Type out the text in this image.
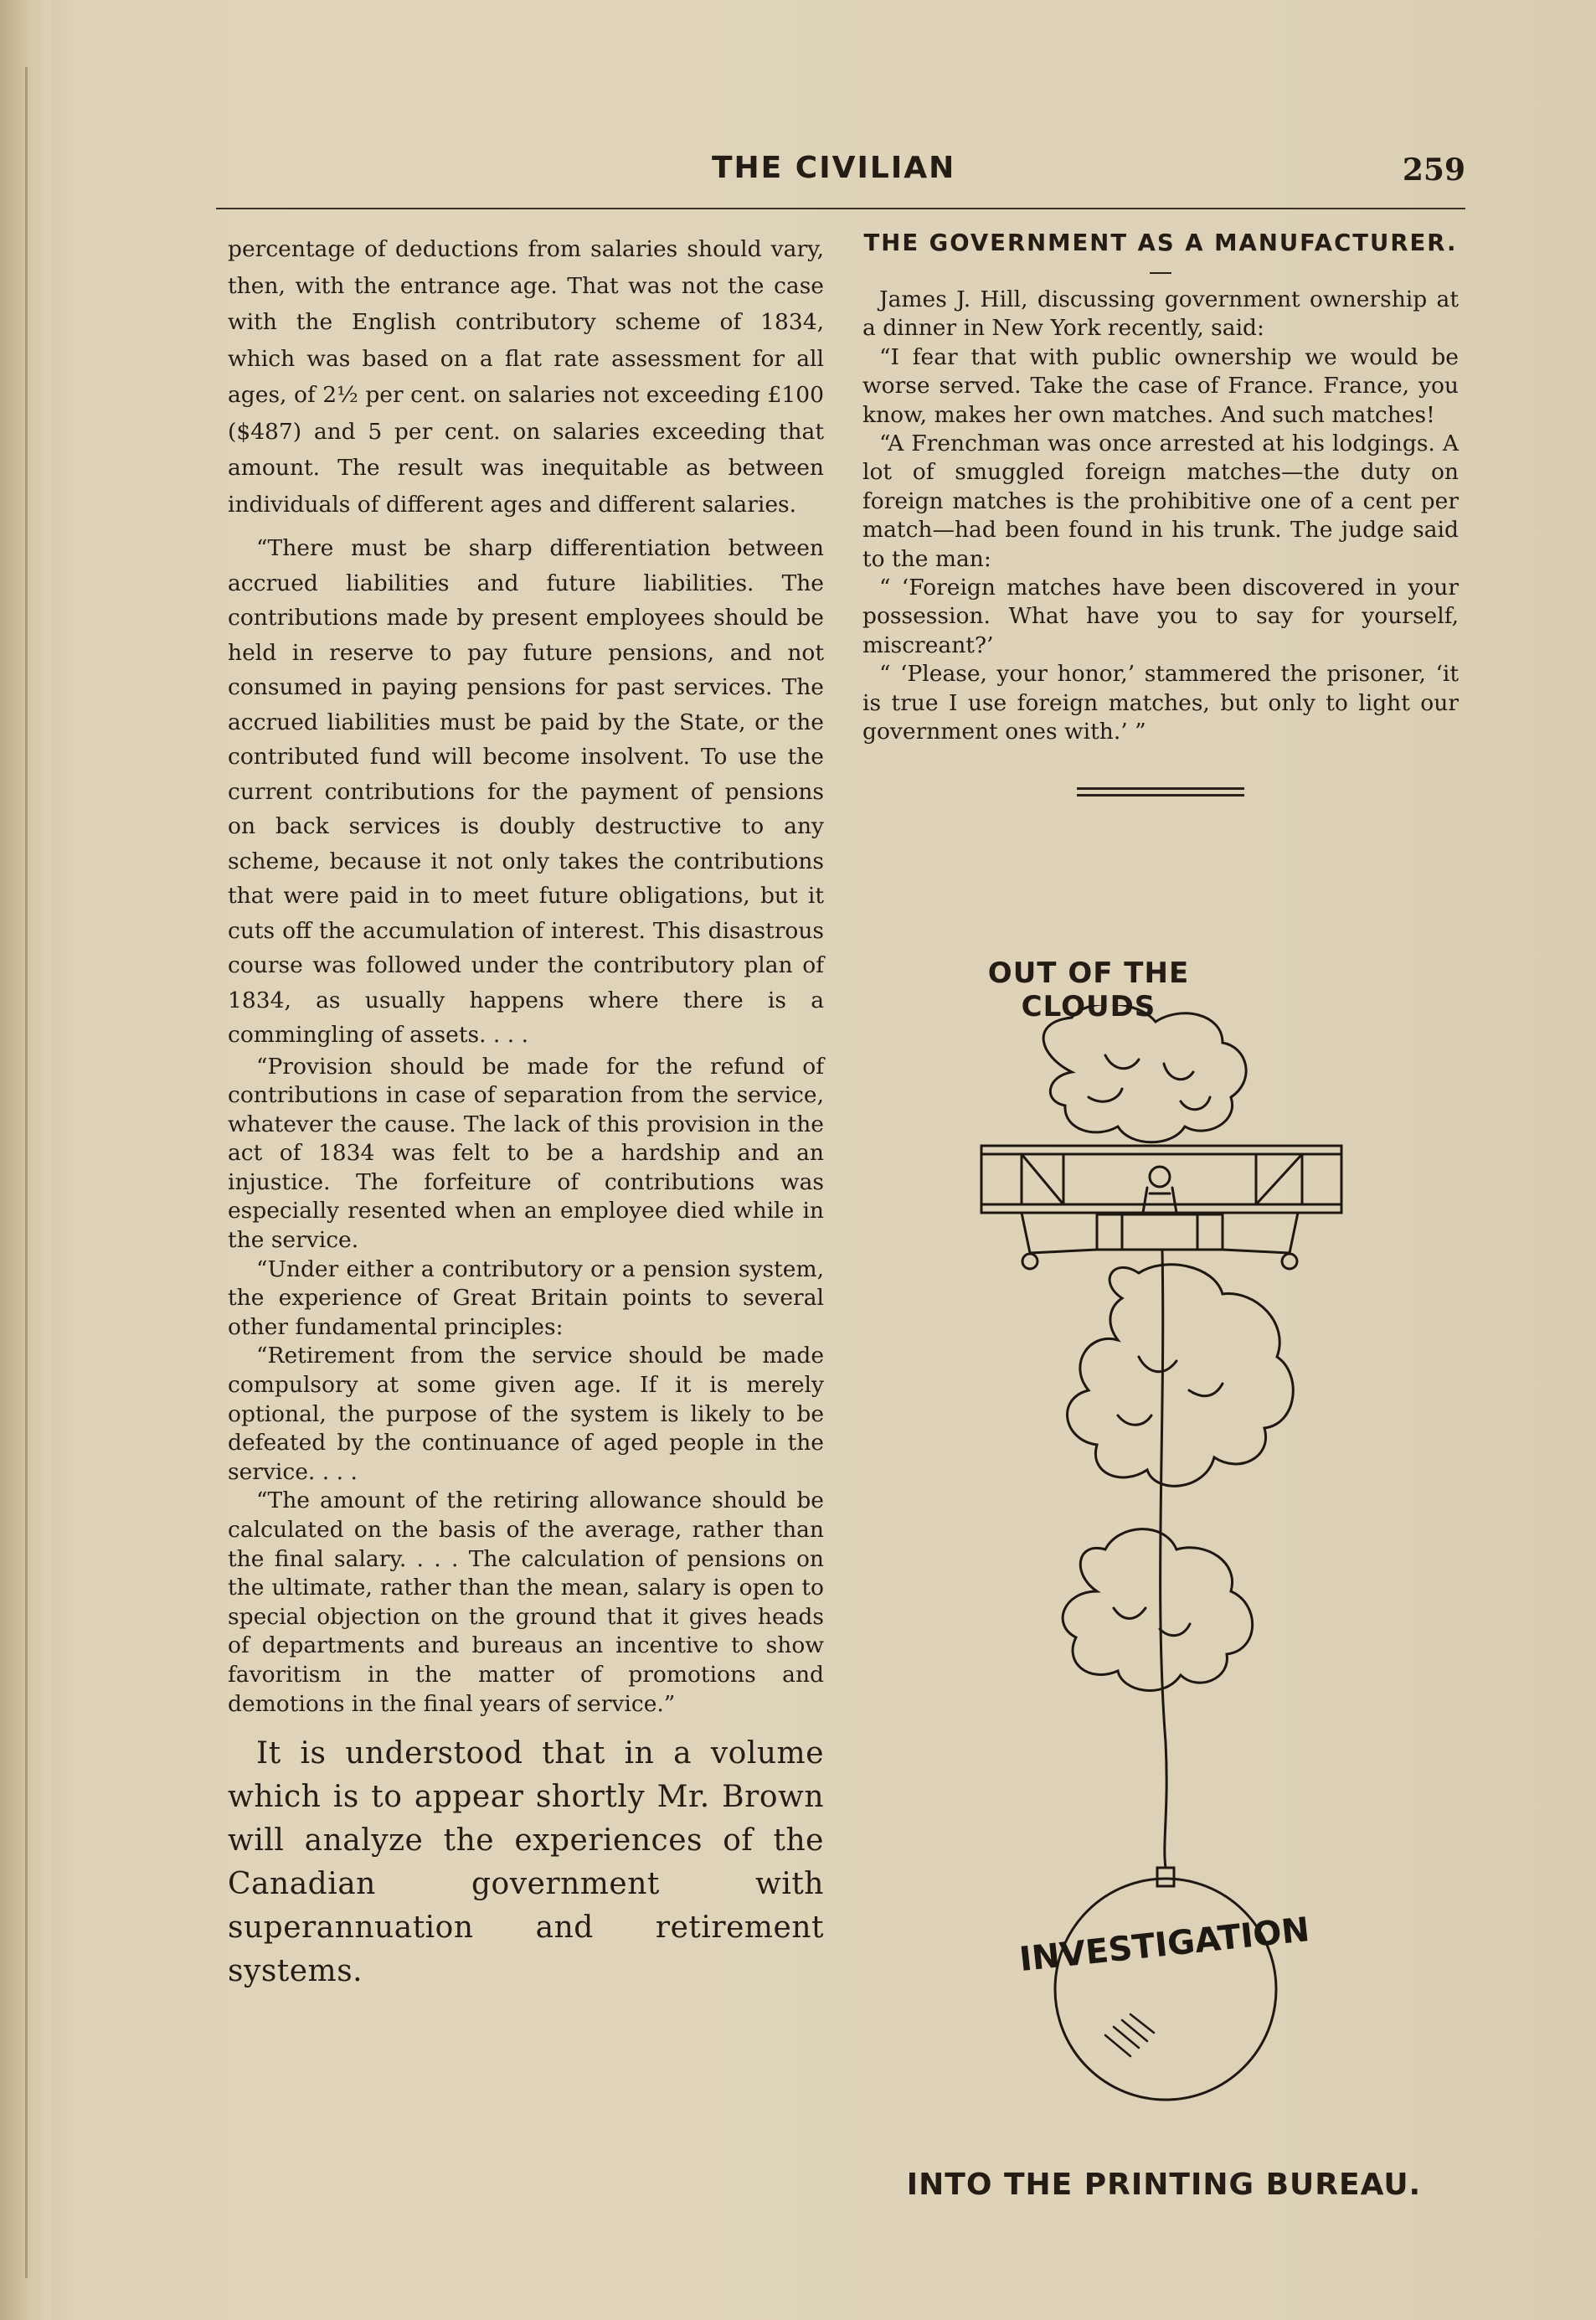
THE CIVILIAN	259

percentage of deductions from salaries should vary, then, with the entrance age. That was not the case with the English contributory scheme of 1834, which was based on a flat rate assessment for all ages, of 2½ per cent. on salaries not exceeding £100 ($487) and 5 per cent. on salaries exceeding that amount. The result was inequitable as between individuals of different ages and different salaries.

“There must be sharp differentiation between accrued liabilities and future liabilities. The contributions made by present employees should be held in reserve to pay future pensions, and not consumed in paying pensions for past services. The accrued liabilities must be paid by the State, or the contributed fund will become insolvent. To use the current contributions for the payment of pensions on back services is doubly destructive to any scheme, because it not only takes the contributions that were paid in to meet future obligations, but it cuts off the accumulation of interest. This disastrous course was followed under the contributory plan of 1834, as usually happens where there is a commingling of assets. . . .

“Provision should be made for the refund of contributions in case of separation from the service, whatever the cause. The lack of this provision in the act of 1834 was felt to be a hardship and an injustice. The forfeiture of contributions was especially resented when an employee died while in the service.

“Under either a contributory or a pension system, the experience of Great Britain points to several other fundamental principles:

“Retirement from the service should be made compulsory at some given age. If it is merely optional, the purpose of the system is likely to be defeated by the continuance of aged people in the service. . . .

“The amount of the retiring allowance should be calculated on the basis of the average, rather than the final salary. . . . The calculation of pensions on the ultimate, rather than the mean, salary is open to special objection on the ground that it gives heads of departments and bureaus an incentive to show favoritism in the matter of promotions and demotions in the final years of service.”

It is understood that in a volume which is to appear shortly Mr. Brown will analyze the experiences of the Canadian government with superannuation and retirement systems.

THE GOVERNMENT AS A MANUFACTURER.

James J. Hill, discussing government ownership at a dinner in New York recently, said:

“I fear that with public ownership we would be worse served. Take the case of France. France, you know, makes her own matches. And such matches!

“A Frenchman was once arrested at his lodgings. A lot of smuggled foreign matches—the duty on foreign matches is the prohibitive one of a cent per match—had been found in his trunk. The judge said to the man:

“ ‘Foreign matches have been discovered in your possession. What have you to say for yourself, miscreant?’

“ ‘Please, your honor,’ stammered the prisoner, ‘it is true I use foreign matches, but only to light our government ones with.’ ”

OUT OF THE CLOUDS
INVESTIGATION
INTO THE PRINTING BUREAU.
